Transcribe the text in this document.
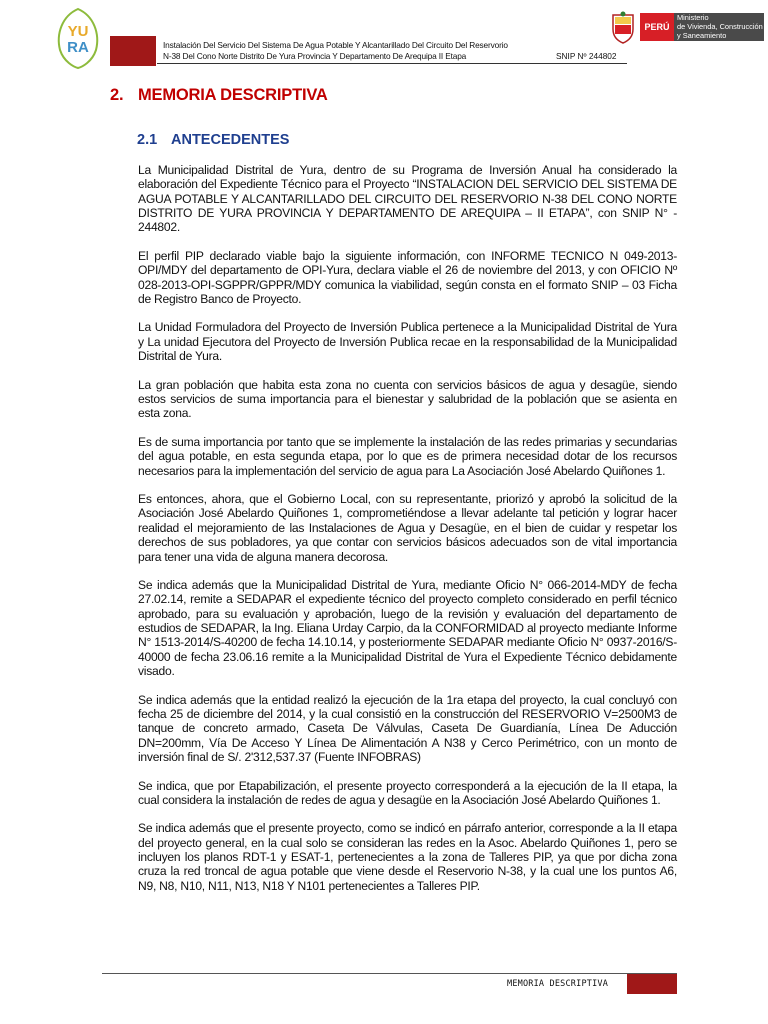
YU
RA	Instalación Del Servicio Del Sistema De Agua Potable Y Alcantarillado Del Circuito Del Reservorio
N-38 Del Cono Norte Distrito De Yura Provincia Y Departamento De Arequipa II Etapa	SNIP Nº 244802
PERÚ
Ministerio
de Vivienda, Construcción
y Saneamiento
2. MEMORIA DESCRIPTIVA
2.1 ANTECEDENTES

La Municipalidad Distrital de Yura, dentro de su Programa de Inversión Anual ha considerado la elaboración del Expediente Técnico para el Proyecto “INSTALACION DEL SERVICIO DEL SISTEMA DE AGUA POTABLE Y ALCANTARILLADO DEL CIRCUITO DEL RESERVORIO N-38 DEL CONO NORTE DISTRITO DE YURA PROVINCIA Y DEPARTAMENTO DE AREQUIPA – II ETAPA”, con SNIP N° - 244802.

El perfil PIP declarado viable bajo la siguiente información, con INFORME TECNICO N 049-2013-OPI/MDY del departamento de OPI-Yura, declara viable el 26 de noviembre del 2013, y con OFICIO Nº 028-2013-OPI-SGPPR/GPPR/MDY comunica la viabilidad, según consta en el formato SNIP – 03 Ficha de Registro Banco de Proyecto.

La Unidad Formuladora del Proyecto de Inversión Publica pertenece a la Municipalidad Distrital de Yura y La unidad Ejecutora del Proyecto de Inversión Publica recae en la responsabilidad de la Municipalidad Distrital de Yura.

La gran población que habita esta zona no cuenta con servicios básicos de agua y desagüe, siendo estos servicios de suma importancia para el bienestar y salubridad de la población que se asienta en esta zona.

Es de suma importancia por tanto que se implemente la instalación de las redes primarias y secundarias del agua potable, en esta segunda etapa, por lo que es de primera necesidad dotar de los recursos necesarios para la implementación del servicio de agua para La Asociación José Abelardo Quiñones 1.

Es entonces, ahora, que el Gobierno Local, con su representante, priorizó y aprobó la solicitud de la Asociación José Abelardo Quiñones 1, comprometiéndose a llevar adelante tal petición y lograr hacer realidad el mejoramiento de las Instalaciones de Agua y Desagüe, en el bien de cuidar y respetar los derechos de sus pobladores, ya que contar con servicios básicos adecuados son de vital importancia para tener una vida de alguna manera decorosa.

Se indica además que la Municipalidad Distrital de Yura, mediante Oficio N° 066-2014-MDY de fecha 27.02.14, remite a SEDAPAR el expediente técnico del proyecto completo considerado en perfil técnico aprobado, para su evaluación y aprobación, luego de la revisión y evaluación del departamento de estudios de SEDAPAR, la Ing. Eliana Urday Carpio, da la CONFORMIDAD al proyecto mediante Informe N° 1513-2014/S-40200 de fecha 14.10.14, y posteriormente SEDAPAR mediante Oficio N° 0937-2016/S-40000 de fecha 23.06.16 remite a la Municipalidad Distrital de Yura el Expediente Técnico debidamente visado.

Se indica además que la entidad realizó la ejecución de la 1ra etapa del proyecto, la cual concluyó con fecha 25 de diciembre del 2014, y la cual consistió en la construcción del RESERVORIO V=2500M3 de tanque de concreto armado, Caseta De Válvulas, Caseta De Guardianía, Línea De Aducción DN=200mm, Vía De Acceso Y Línea De Alimentación A N38 y Cerco Perimétrico, con un monto de inversión final de S/. 2'312,537.37 (Fuente INFOBRAS)

Se indica, que por Etapabilización, el presente proyecto corresponderá a la ejecución de la II etapa, la cual considera la instalación de redes de agua y desagüe en la Asociación José Abelardo Quiñones 1.

Se indica además que el presente proyecto, como se indicó en párrafo anterior, corresponde a la II etapa del proyecto general, en la cual solo se consideran las redes en la Asoc. Abelardo Quiñones 1, pero se incluyen los planos RDT-1 y ESAT-1, pertenecientes a la zona de Talleres PIP, ya que por dicha zona cruza la red troncal de agua potable que viene desde el Reservorio N-38, y la cual une los puntos A6, N9, N8, N10, N11, N13, N18 Y N101 pertenecientes a Talleres PIP.

MEMORIA DESCRIPTIVA
